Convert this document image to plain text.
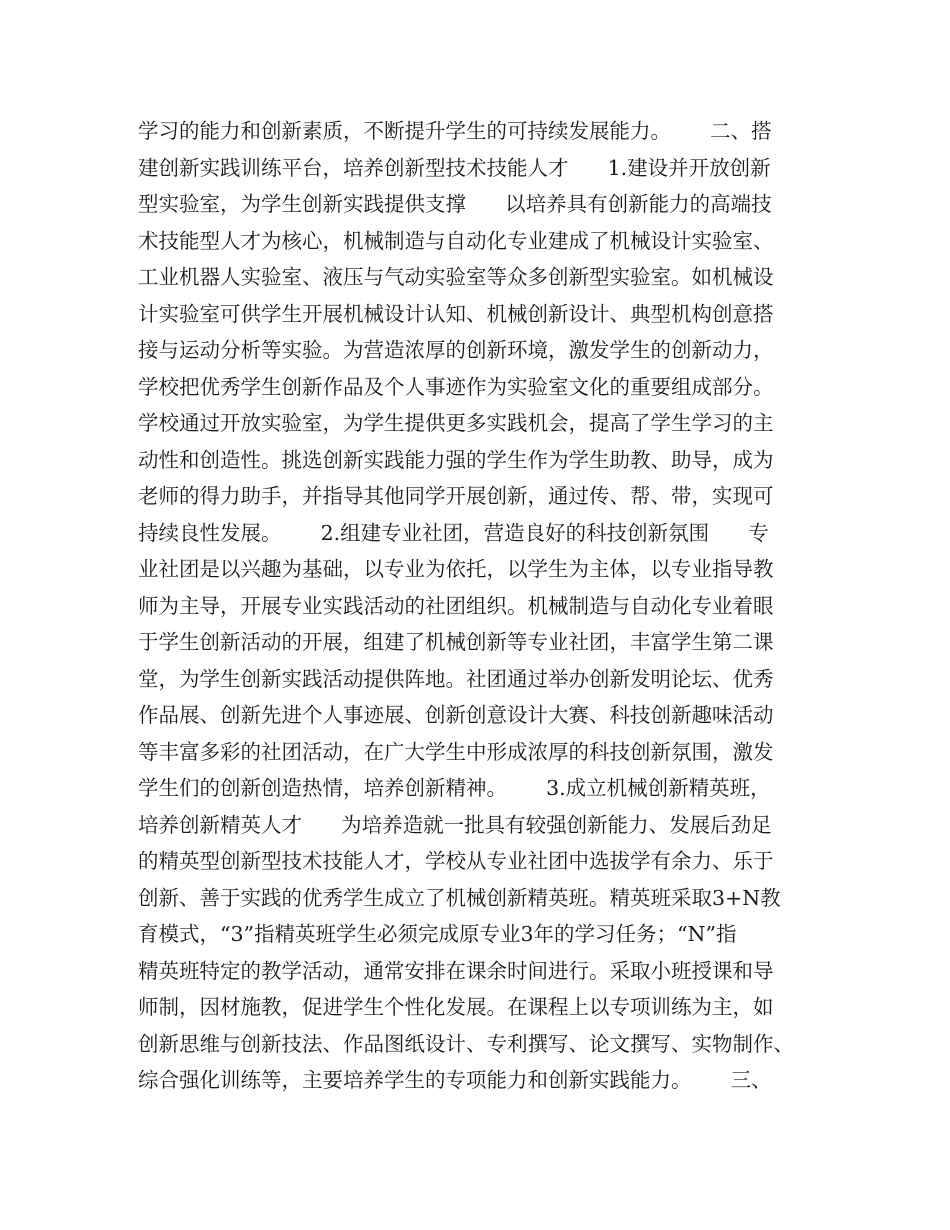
学习的能力和创新素质，不断提升学生的可持续发展能力。      二、搭
建创新实践训练平台，培养创新型技术技能人才      1.建设并开放创新
型实验室，为学生创新实践提供支撑      以培养具有创新能力的高端技
术技能型人才为核心，机械制造与自动化专业建成了机械设计实验室、
工业机器人实验室、液压与气动实验室等众多创新型实验室。如机械设
计实验室可供学生开展机械设计认知、机械创新设计、典型机构创意搭
接与运动分析等实验。为营造浓厚的创新环境，激发学生的创新动力，
学校把优秀学生创新作品及个人事迹作为实验室文化的重要组成部分。
学校通过开放实验室，为学生提供更多实践机会，提高了学生学习的主
动性和创造性。挑选创新实践能力强的学生作为学生助教、助导，成为
老师的得力助手，并指导其他同学开展创新，通过传、帮、带，实现可
持续良性发展。      2.组建专业社团，营造良好的科技创新氛围      专
业社团是以兴趣为基础，以专业为依托，以学生为主体，以专业指导教
师为主导，开展专业实践活动的社团组织。机械制造与自动化专业着眼
于学生创新活动的开展，组建了机械创新等专业社团，丰富学生第二课
堂，为学生创新实践活动提供阵地。社团通过举办创新发明论坛、优秀
作品展、创新先进个人事迹展、创新创意设计大赛、科技创新趣味活动
等丰富多彩的社团活动，在广大学生中形成浓厚的科技创新氛围，激发
学生们的创新创造热情，培养创新精神。      3.成立机械创新精英班，
培养创新精英人才      为培养造就一批具有较强创新能力、发展后劲足
的精英型创新型技术技能人才，学校从专业社团中选拔学有余力、乐于
创新、善于实践的优秀学生成立了机械创新精英班。精英班采取3+N教
育模式，“3”指精英班学生必须完成原专业3年的学习任务；“N”指
精英班特定的教学活动，通常安排在课余时间进行。采取小班授课和导
师制，因材施教，促进学生个性化发展。在课程上以专项训练为主，如
创新思维与创新技法、作品图纸设计、专利撰写、论文撰写、实物制作、
综合强化训练等，主要培养学生的专项能力和创新实践能力。      三、
